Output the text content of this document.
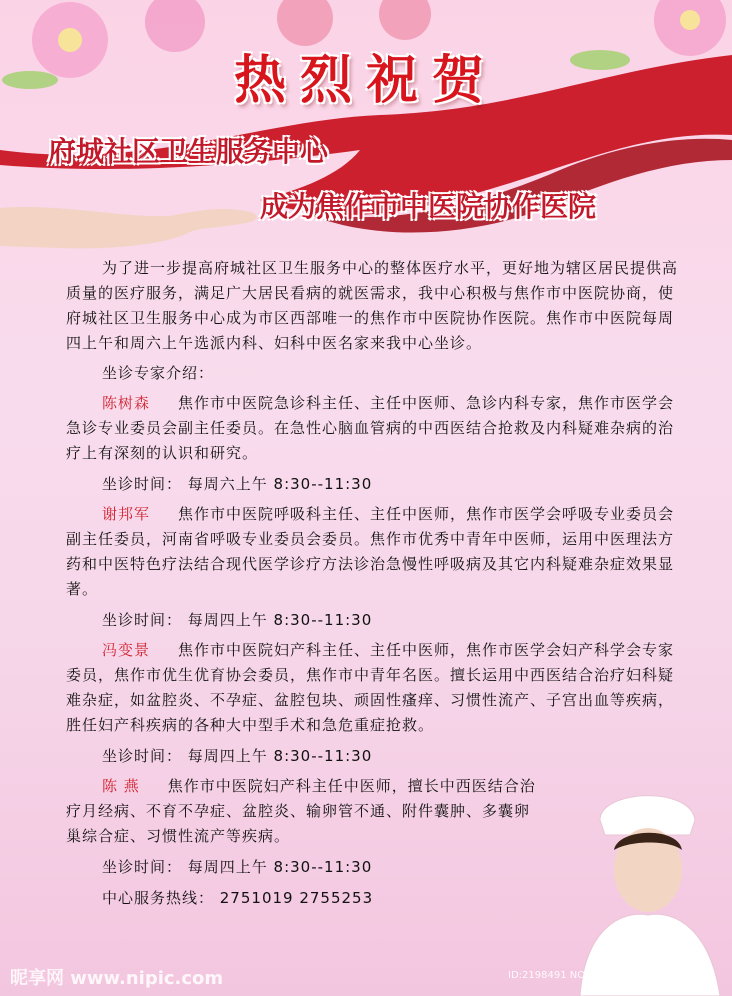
热烈祝贺
府城社区卫生服务中心
成为焦作市中医院协作医院

为了进一步提高府城社区卫生服务中心的整体医疗水平，更好地为辖区居民提供高质量的医疗服务，满足广大居民看病的就医需求，我中心积极与焦作市中医院协商，使府城社区卫生服务中心成为市区西部唯一的焦作市中医院协作医院。焦作市中医院每周四上午和周六上午选派内科、妇科中医名家来我中心坐诊。

坐诊专家介绍：

陈树森 焦作市中医院急诊科主任、主任中医师、急诊内科专家，焦作市医学会急诊专业委员会副主任委员。在急性心脑血管病的中西医结合抢救及内科疑难杂病的治疗上有深刻的认识和研究。

坐诊时间： 每周六上午 8:30--11:30

谢邦军 焦作市中医院呼吸科主任、主任中医师，焦作市医学会呼吸专业委员会副主任委员，河南省呼吸专业委员会委员。焦作市优秀中青年中医师，运用中医理法方药和中医特色疗法结合现代医学诊疗方法诊治急慢性呼吸病及其它内科疑难杂症效果显著。

坐诊时间： 每周四上午 8:30--11:30

冯变景 焦作市中医院妇产科主任、主任中医师，焦作市医学会妇产科学会专家委员，焦作市优生优育协会委员，焦作市中青年名医。擅长运用中西医结合治疗妇科疑难杂症，如盆腔炎、不孕症、盆腔包块、顽固性瘙痒、习惯性流产、子宫出血等疾病，胜任妇产科疾病的各种大中型手术和急危重症抢救。

坐诊时间： 每周四上午 8:30--11:30

陈 燕 焦作市中医院妇产科主任中医师，擅长中西医结合治疗月经病、不育不孕症、盆腔炎、输卵管不通、附件囊肿、多囊卵巢综合症、习惯性流产等疾病。

坐诊时间： 每周四上午 8:30--11:30

中心服务热线： 2751019 2755253

昵享网 www.nipic.com	ID:2198491 NO:20120414082137019376
